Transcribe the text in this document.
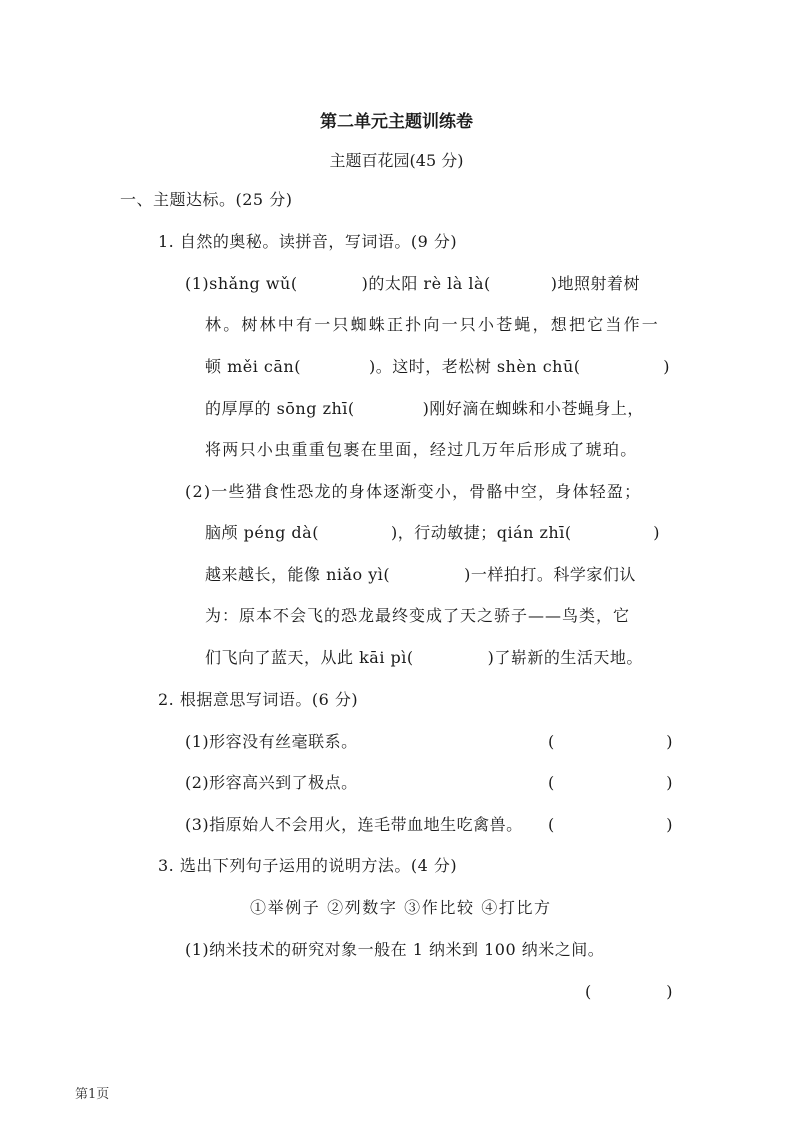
第二单元主题训练卷
主题百花园(45 分)
一、主题达标。(25 分)
1. 自然的奥秘。读拼音，写词语。(9 分)
(1)shǎng wǔ(	)的太阳 rè là là(	)地照射着树
林。树林中有一只蜘蛛正扑向一只小苍蝇，想把它当作一
顿 měi cān(	)。这时，老松树 shèn chū(	)
的厚厚的 sōng zhī(	)刚好滴在蜘蛛和小苍蝇身上，
将两只小虫重重包裹在里面，经过几万年后形成了琥珀。
(2)一些猎食性恐龙的身体逐渐变小，骨骼中空，身体轻盈；
脑颅 péng dà(	)，行动敏捷；qián zhī(	)
越来越长，能像 niǎo yì(	)一样拍打。科学家们认
为：原本不会飞的恐龙最终变成了天之骄子——鸟类，它
们飞向了蓝天，从此 kāi pì(	)了崭新的生活天地。
2. 根据意思写词语。(6 分)
(1)形容没有丝毫联系。	(	)
(2)形容高兴到了极点。	(	)
(3)指原始人不会用火，连毛带血地生吃禽兽。 (	)
3. 选出下列句子运用的说明方法。(4 分)
①举例子 ②列数字 ③作比较 ④打比方
(1)纳米技术的研究对象一般在 1 纳米到 100 纳米之间。
(	)
第1页
